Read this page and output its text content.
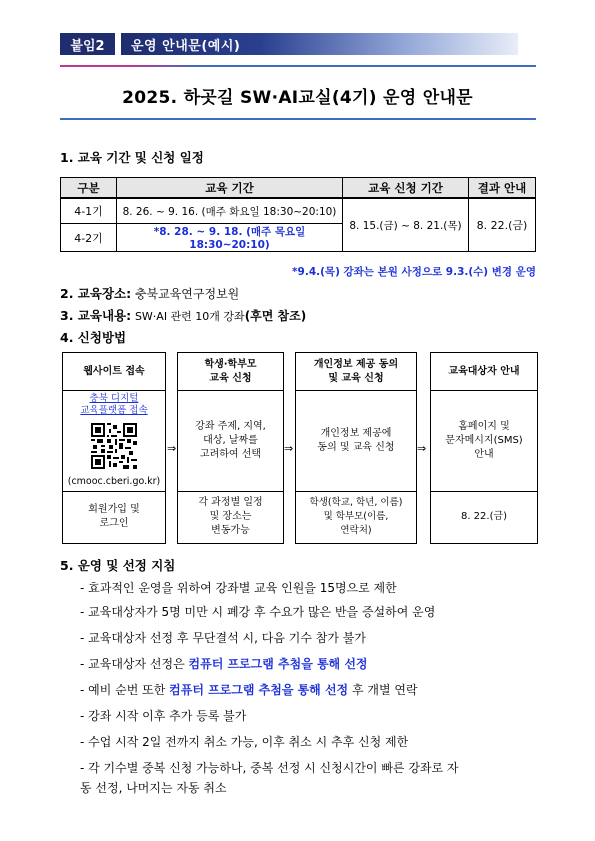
붙임2	운영 안내문(예시)
2025. 하곳길 SW·AI교실(4기) 운영 안내문
1. 교육 기간 및 신청 일정
구분	교육 기간	교육 신청 기간	결과 안내
4-1기	8. 26. ~ 9. 16. (매주 화요일 18:30~20:10)	8. 15.(금) ~ 8. 21.(목)	8. 22.(금)
4-2기	*8. 28. ~ 9. 18. (매주 목요일 18:30~20:10)		
*9.4.(목) 강좌는 본원 사정으로 9.3.(수) 변경 운영
2. 교육장소: 충북교육연구정보원
3. 교육내용: SW·AI 관련 10개 강좌(후면 참조)
4. 신청방법
웹사이트 접속
충북 디지털
교육플랫폼 접속
(cmooc.cberi.go.kr)
회원가입 및
로그인
⇒
학생·학부모
교육 신청
강좌 주제, 지역,
대상, 날짜를
고려하여 선택
각 과정별 일정
및 장소는
변동가능
⇒
개인정보 제공 동의
및 교육 신청
개인정보 제공에
동의 및 교육 신청
학생(학교, 학년, 이름)
및 학부모(이름,
연락처)
⇒
교육대상자 안내
홈페이지 및
문자메시지(SMS)
안내
8. 22.(금)
5. 운영 및 선정 지침
- 효과적인 운영을 위하여 강좌별 교육 인원을 15명으로 제한
- 교육대상자가 5명 미만 시 폐강 후 수요가 많은 반을 증설하여 운영
- 교육대상자 선정 후 무단결석 시, 다음 기수 참가 불가
- 교육대상자 선정은 컴퓨터 프로그램 추첨을 통해 선정
- 예비 순번 또한 컴퓨터 프로그램 추첨을 통해 선정 후 개별 연락
- 강좌 시작 이후 추가 등록 불가
- 수업 시작 2일 전까지 취소 가능, 이후 취소 시 추후 신청 제한
- 각 기수별 중복 신청 가능하나, 중복 선정 시 신청시간이 빠른 강좌로 자
동 선정, 나머지는 자동 취소
